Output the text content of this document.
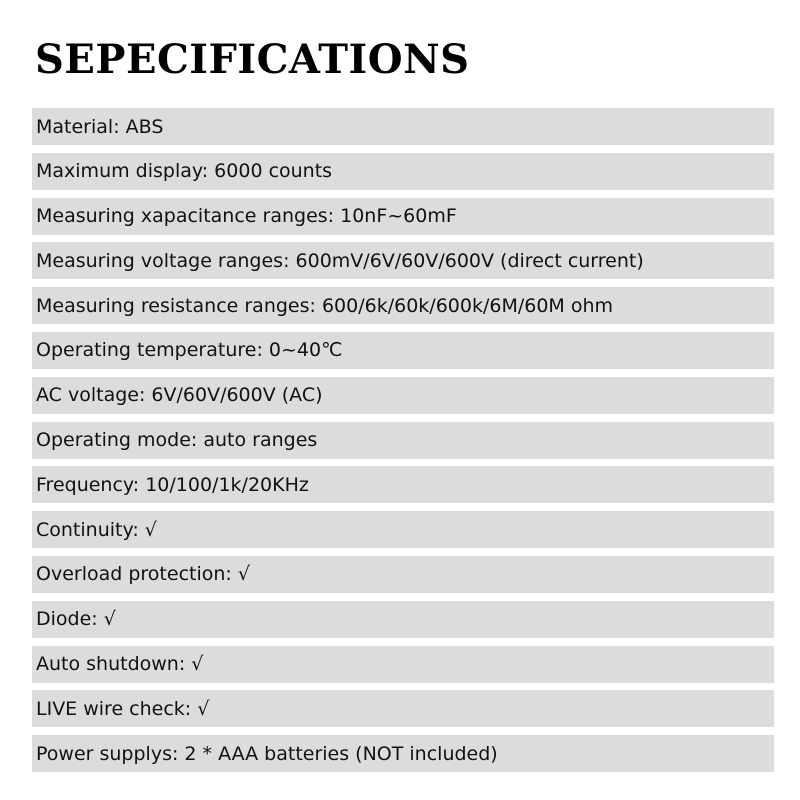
SEPECIFICATIONS
Material: ABS
Maximum display: 6000 counts
Measuring xapacitance ranges: 10nF~60mF
Measuring voltage ranges: 600mV/6V/60V/600V (direct current)
Measuring resistance ranges: 600/6k/60k/600k/6M/60M ohm
Operating temperature: 0~40℃
AC voltage: 6V/60V/600V (AC)
Operating mode: auto ranges
Frequency: 10/100/1k/20KHz
Continuity: √
Overload protection: √
Diode: √
Auto shutdown: √
LIVE wire check: √
Power supplys: 2 * AAA batteries (NOT included)
